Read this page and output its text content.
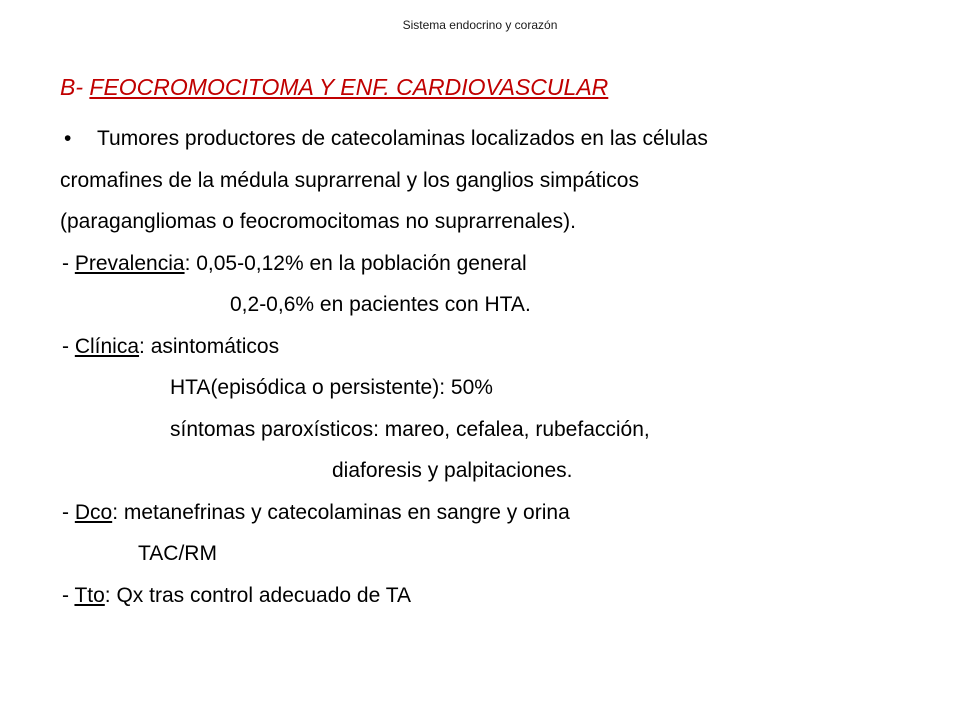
Sistema endocrino y corazón
B- FEOCROMOCITOMA Y ENF. CARDIOVASCULAR
• Tumores productores de catecolaminas localizados en las células
cromafines de la médula suprarrenal y los ganglios simpáticos
(paragangliomas o feocromocitomas no suprarrenales).
- Prevalencia: 0,05-0,12% en la población general
0,2-0,6% en pacientes con HTA.
- Clínica: asintomáticos
HTA(episódica o persistente): 50%
síntomas paroxísticos: mareo, cefalea, rubefacción,
diaforesis y palpitaciones.
- Dco: metanefrinas y catecolaminas en sangre y orina
TAC/RM
- Tto: Qx tras control adecuado de TA
